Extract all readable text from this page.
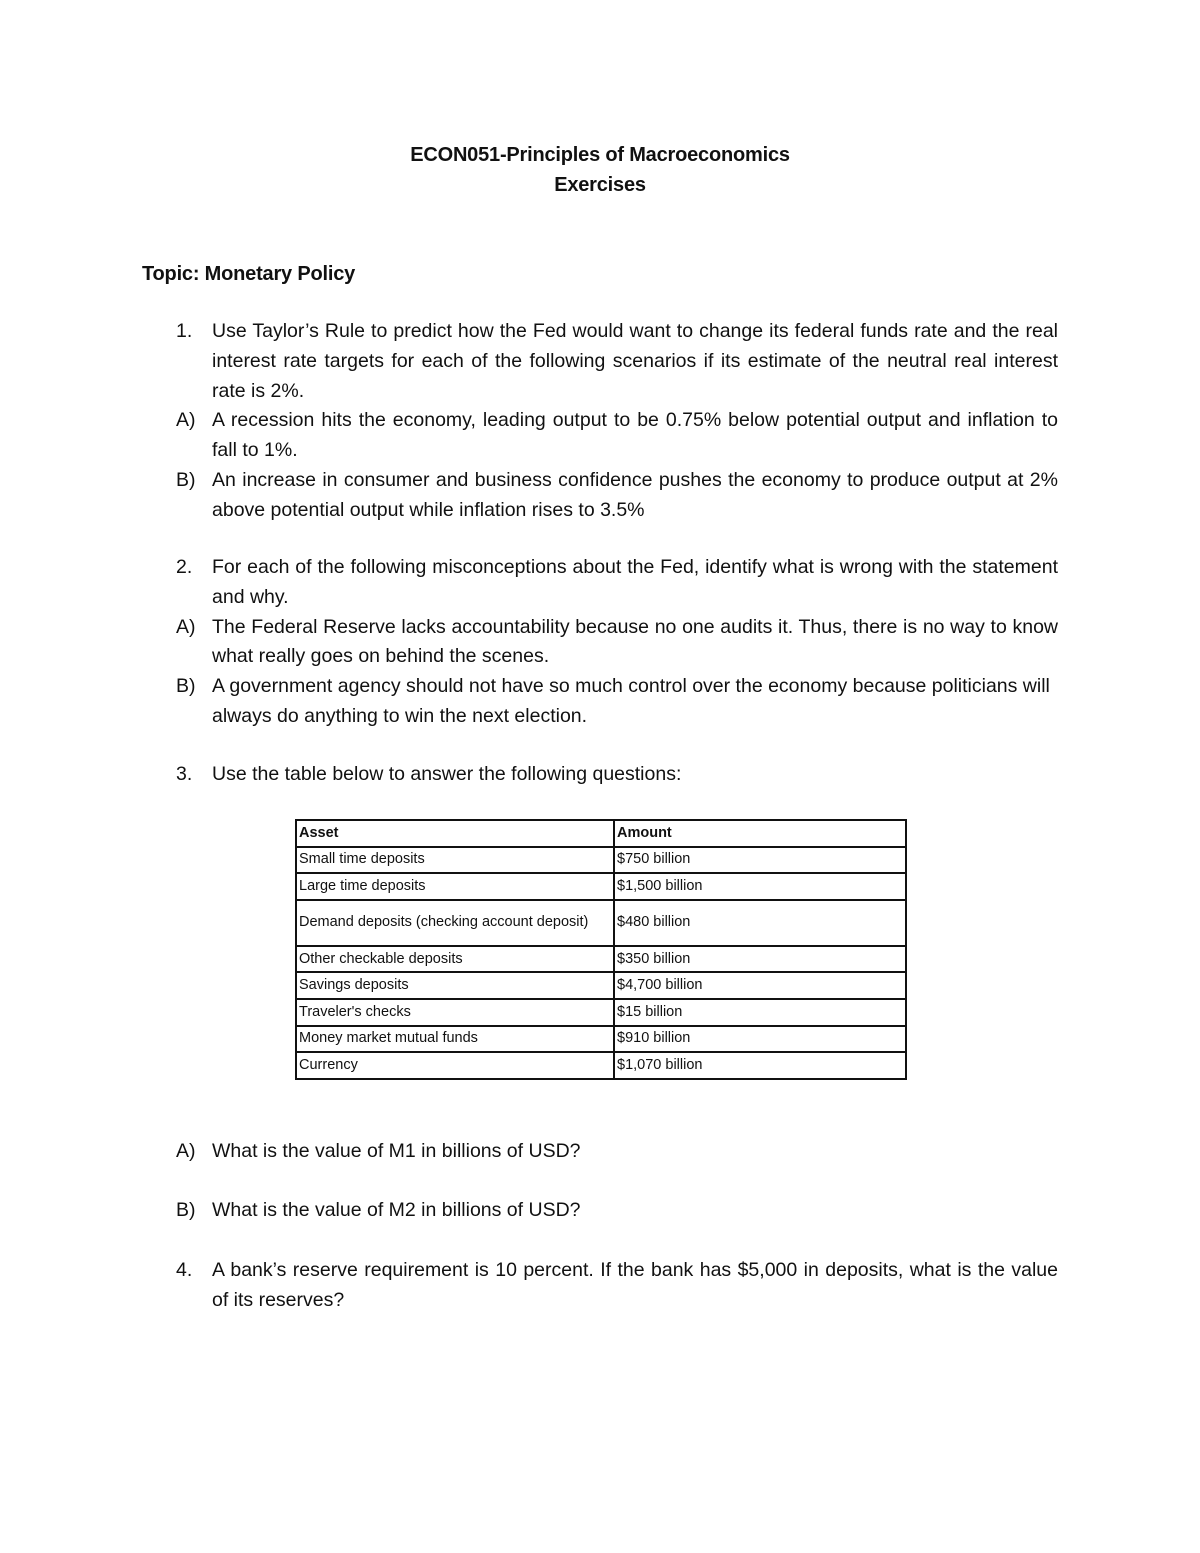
ECON051-Principles of Macroeconomics
Exercises
Topic: Monetary Policy

1. Use Taylor’s Rule to predict how the Fed would want to change its federal funds rate and the real interest rate targets for each of the following scenarios if its estimate of the neutral real interest rate is 2%.

A) A recession hits the economy, leading output to be 0.75% below potential output and inflation to fall to 1%.

B) An increase in consumer and business confidence pushes the economy to produce output at 2% above potential output while inflation rises to 3.5%

2. For each of the following misconceptions about the Fed, identify what is wrong with the statement and why.

A) The Federal Reserve lacks accountability because no one audits it. Thus, there is no way to know what really goes on behind the scenes.

B) A government agency should not have so much control over the economy because politicians will always do anything to win the next election.

3. Use the table below to answer the following questions:

Asset	Amount
Small time deposits	$750 billion
Large time deposits	$1,500 billion
Demand deposits (checking account deposit)	$480 billion
Other checkable deposits	$350 billion
Savings deposits	$4,700 billion
Traveler's checks	$15 billion
Money market mutual funds	$910 billion
Currency	$1,070 billion

A) What is the value of M1 in billions of USD?

B) What is the value of M2 in billions of USD?

4. A bank’s reserve requirement is 10 percent. If the bank has $5,000 in deposits, what is the value of its reserves?
